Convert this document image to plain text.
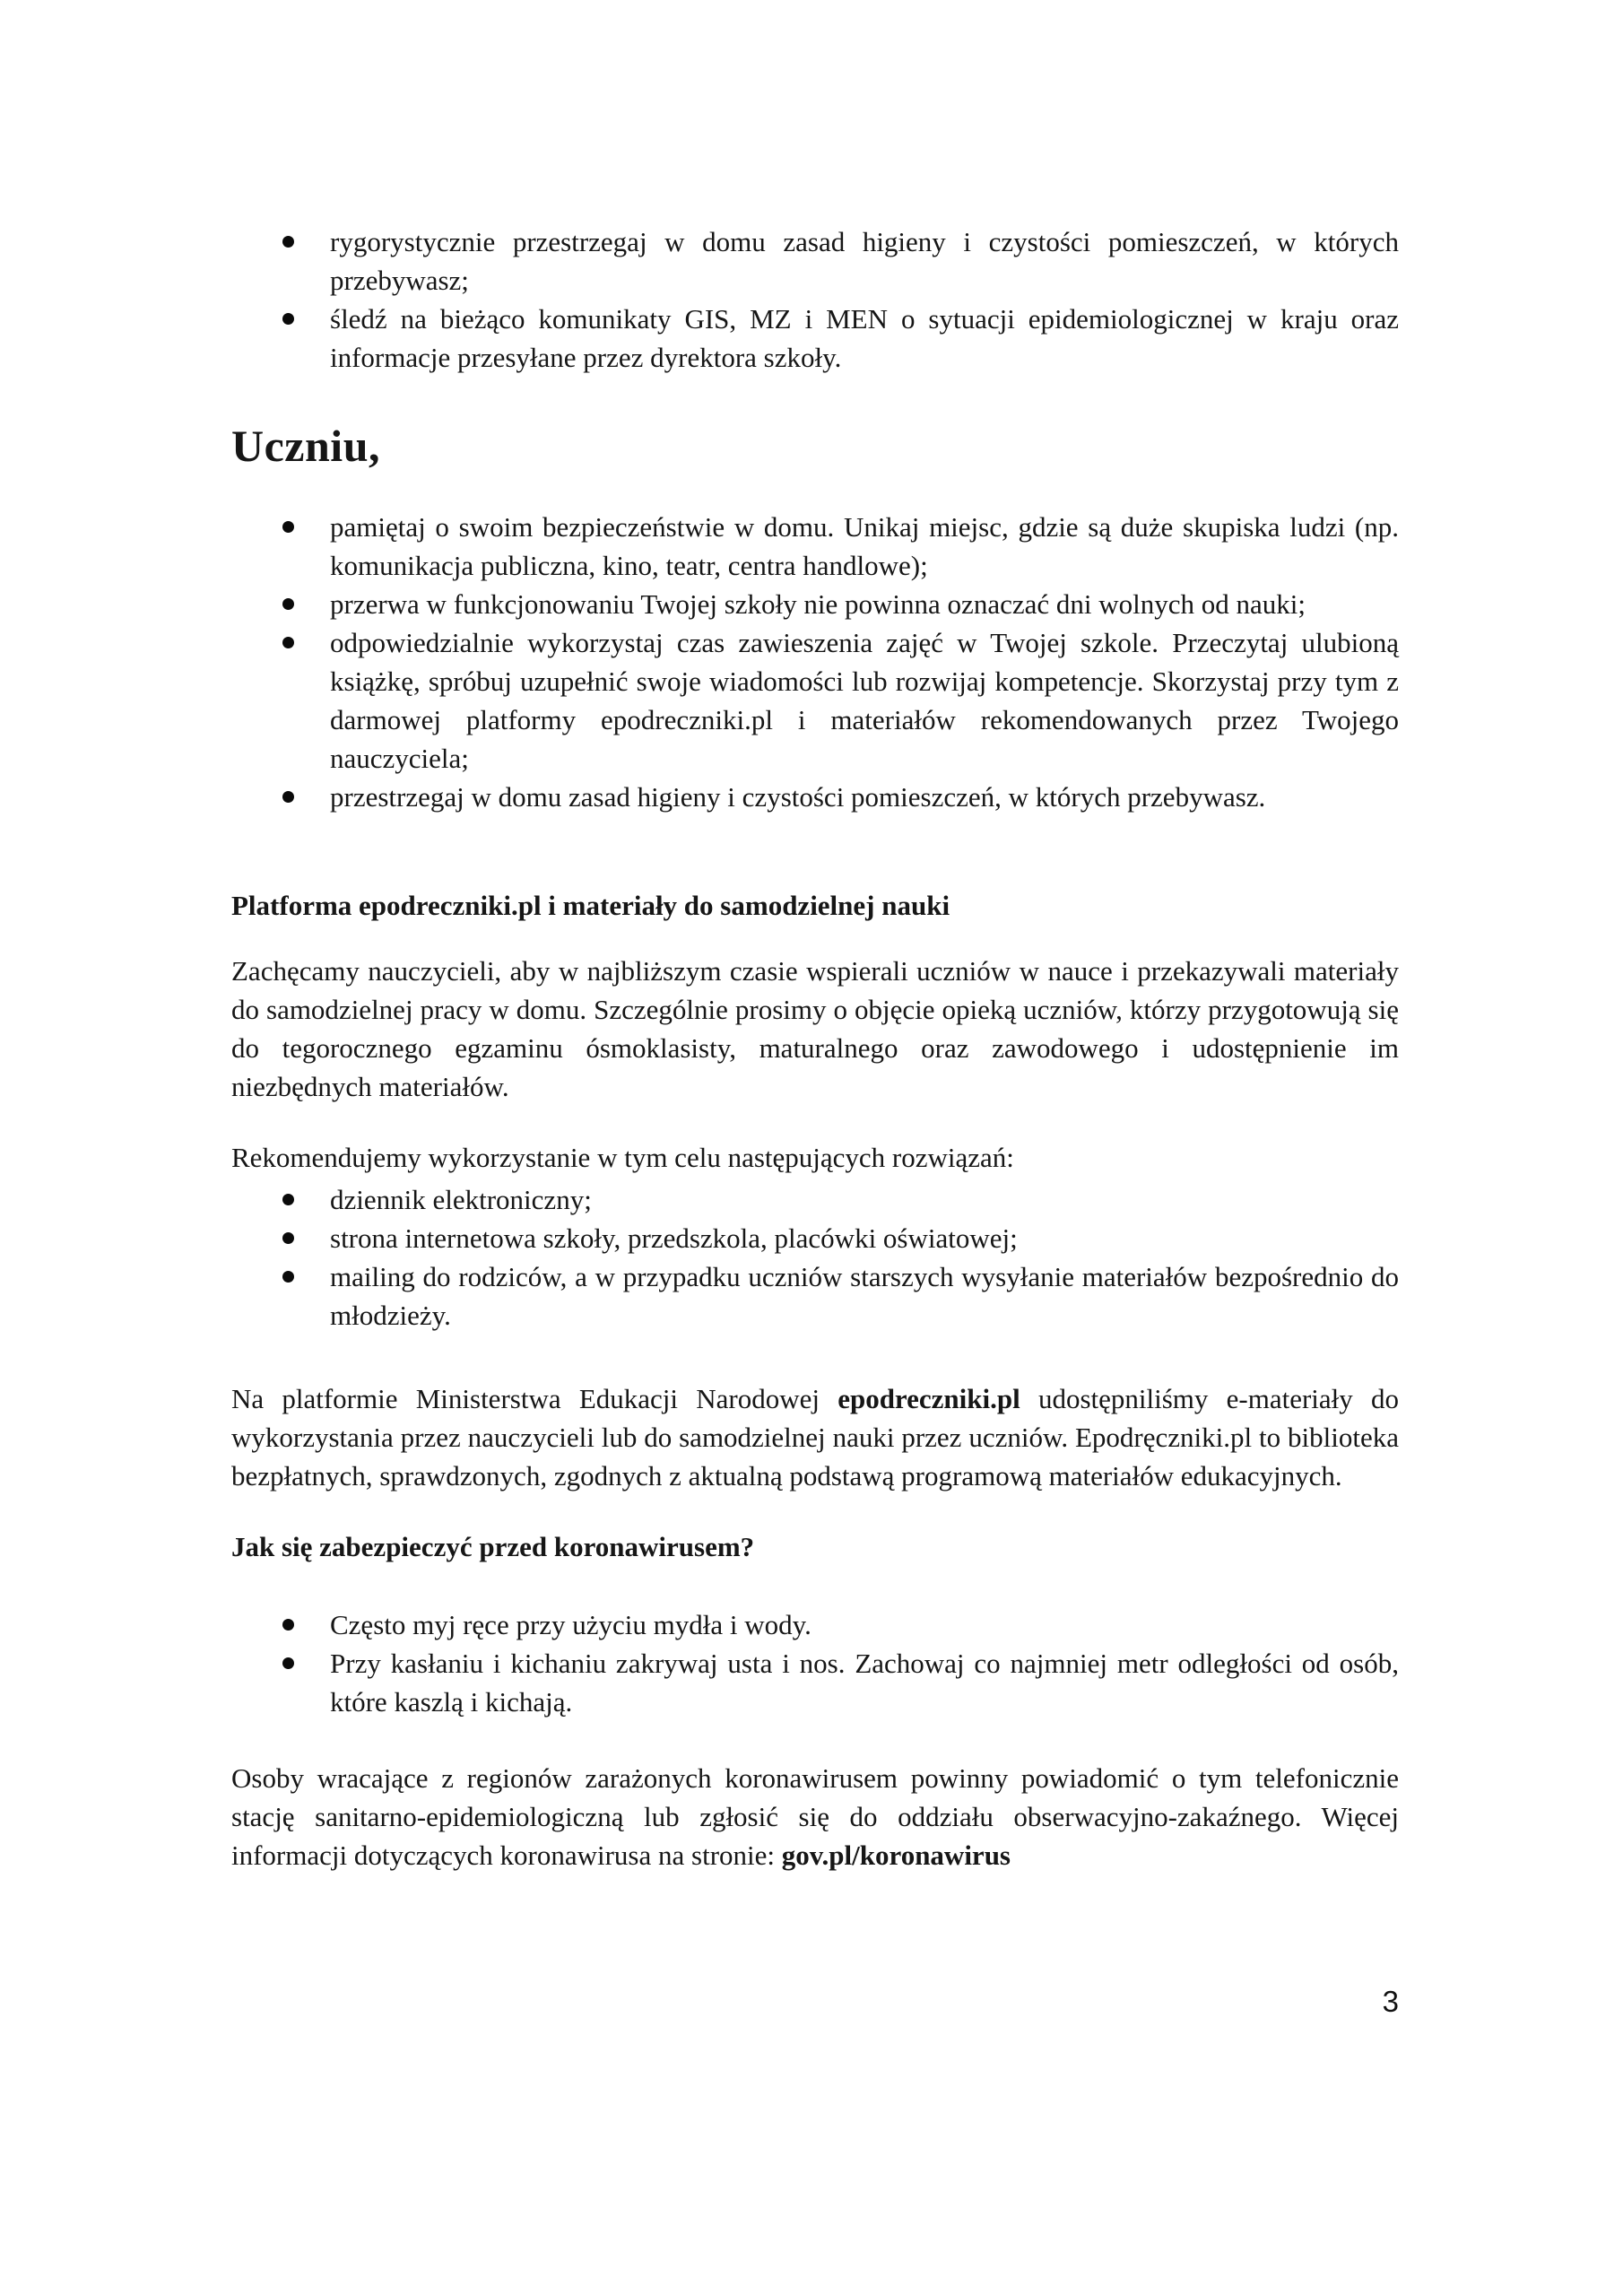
rygorystycznie przestrzegaj w domu zasad higieny i czystości pomieszczeń, w których przebywasz;
śledź na bieżąco komunikaty GIS, MZ i MEN o sytuacji epidemiologicznej w kraju oraz informacje przesyłane przez dyrektora szkoły.
Uczniu,
pamiętaj o swoim bezpieczeństwie w domu. Unikaj miejsc, gdzie są duże skupiska ludzi (np. komunikacja publiczna, kino, teatr, centra handlowe);
przerwa w funkcjonowaniu Twojej szkoły nie powinna oznaczać dni wolnych od nauki;
odpowiedzialnie wykorzystaj czas zawieszenia zajęć w Twojej szkole. Przeczytaj ulubioną książkę, spróbuj uzupełnić swoje wiadomości lub rozwijaj kompetencje. Skorzystaj przy tym z darmowej platformy epodreczniki.pl i materiałów rekomendowanych przez Twojego nauczyciela;
przestrzegaj w domu zasad higieny i czystości pomieszczeń, w których przebywasz.
Platforma epodreczniki.pl i materiały do samodzielnej nauki

Zachęcamy nauczycieli, aby w najbliższym czasie wspierali uczniów w nauce i przekazywali materiały do samodzielnej pracy w domu. Szczególnie prosimy o objęcie opieką uczniów, którzy przygotowują się do tegorocznego egzaminu ósmoklasisty, maturalnego oraz zawodowego i udostępnienie im niezbędnych materiałów.

Rekomendujemy wykorzystanie w tym celu następujących rozwiązań:

dziennik elektroniczny;
strona internetowa szkoły, przedszkola, placówki oświatowej;
mailing do rodziców, a w przypadku uczniów starszych wysyłanie materiałów bezpośrednio do młodzieży.

Na platformie Ministerstwa Edukacji Narodowej epodreczniki.pl udostępniliśmy e-materiały do wykorzystania przez nauczycieli lub do samodzielnej nauki przez uczniów. Epodręczniki.pl to biblioteka bezpłatnych, sprawdzonych, zgodnych z aktualną podstawą programową materiałów edukacyjnych.

Jak się zabezpieczyć przed koronawirusem?
Często myj ręce przy użyciu mydła i wody.
Przy kasłaniu i kichaniu zakrywaj usta i nos. Zachowaj co najmniej metr odległości od osób, które kaszlą i kichają.

Osoby wracające z regionów zarażonych koronawirusem powinny powiadomić o tym telefonicznie stację sanitarno-epidemiologiczną lub zgłosić się do oddziału obserwacyjno-zakaźnego. Więcej informacji dotyczących koronawirusa na stronie: gov.pl/koronawirus

3
